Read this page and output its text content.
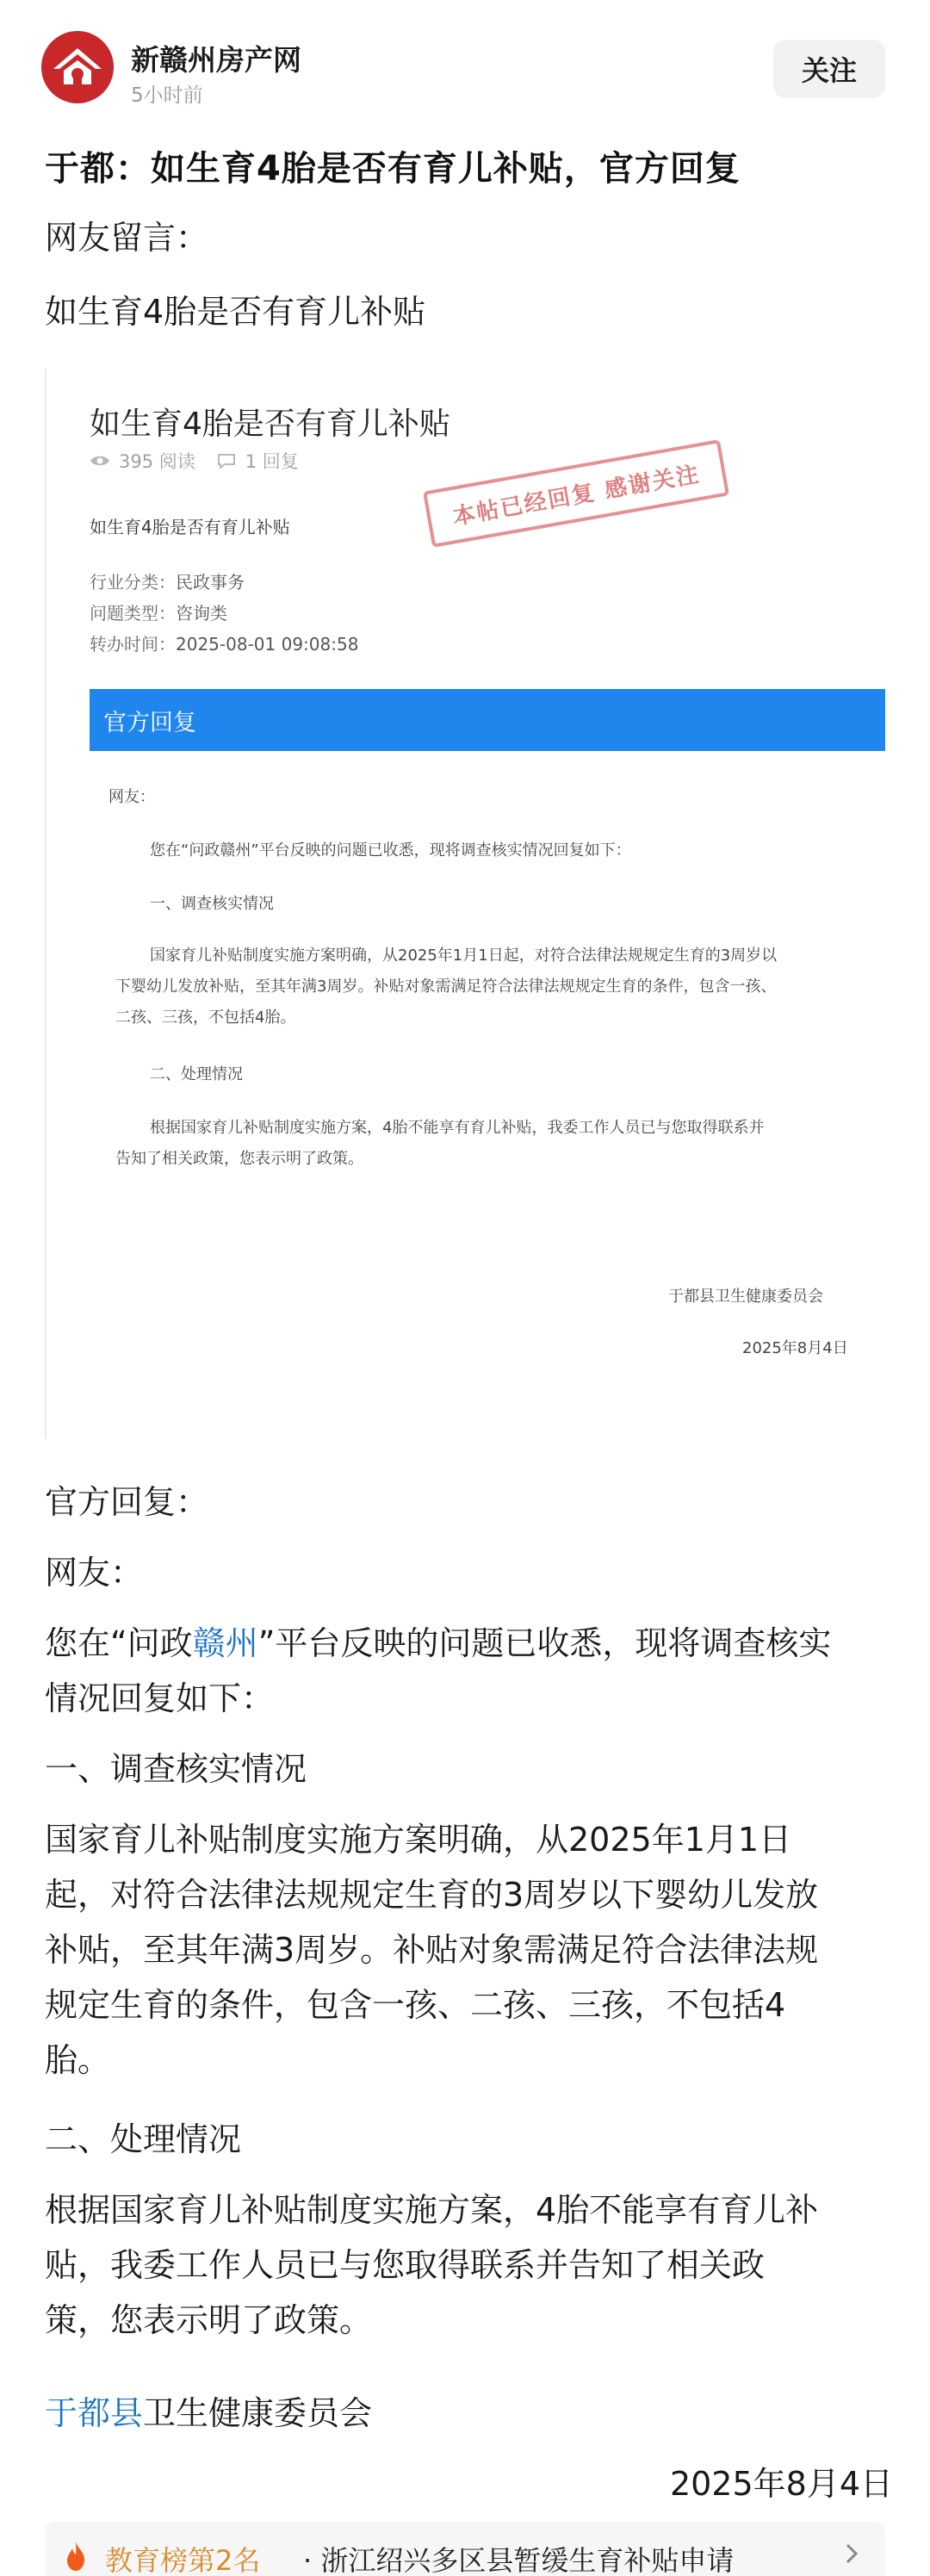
新赣州房产网
5小时前
关注
于都：如生育4胎是否有育儿补贴，官方回复
网友留言：
如生育4胎是否有育儿补贴
如生育4胎是否有育儿补贴
395 阅读	1 回复	本帖已经回复 感谢关注
如生育4胎是否有育儿补贴
行业分类：民政事务
问题类型：咨询类
转办时间：2025-08-01 09:08:58
官方回复
网友：
您在“问政赣州”平台反映的问题已收悉，现将调查核实情况回复如下：
一、调查核实情况
国家育儿补贴制度实施方案明确，从2025年1月1日起，对符合法律法规规定生育的3周岁以
下婴幼儿发放补贴，至其年满3周岁。补贴对象需满足符合法律法规规定生育的条件，包含一孩、
二孩、三孩，不包括4胎。
二、处理情况
根据国家育儿补贴制度实施方案，4胎不能享有育儿补贴，我委工作人员已与您取得联系并
告知了相关政策，您表示明了政策。
于都县卫生健康委员会
2025年8月4日
官方回复：
网友：
您在“问政赣州”平台反映的问题已收悉，现将调查核实
情况回复如下：
一、调查核实情况
国家育儿补贴制度实施方案明确，从2025年1月1日
起，对符合法律法规规定生育的3周岁以下婴幼儿发放
补贴，至其年满3周岁。补贴对象需满足符合法律法规
规定生育的条件，包含一孩、二孩、三孩，不包括4
胎。
二、处理情况
根据国家育儿补贴制度实施方案，4胎不能享有育儿补
贴，我委工作人员已与您取得联系并告知了相关政
策，您表示明了政策。
于都县卫生健康委员会
2025年8月4日
教育榜第2名 · 浙江绍兴多区县暂缓生育补贴申请
